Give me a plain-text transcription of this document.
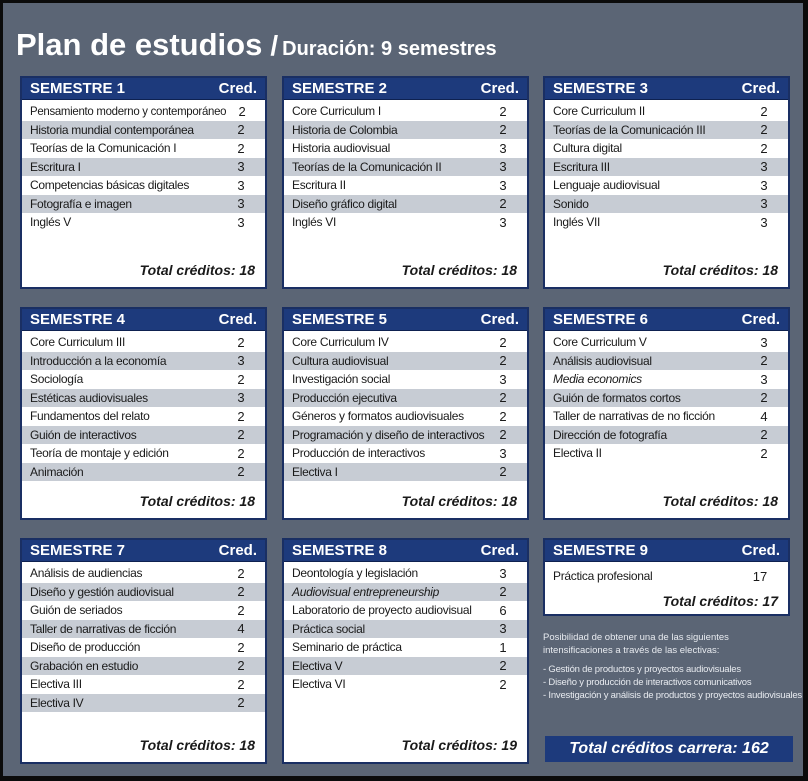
Plan de estudios / Duración: 9 semestres
SEMESTRE 1	Cred.
Pensamiento moderno y contemporáneo 2
Historia mundial contemporánea	2
Teorías de la Comunicación I	2
Escritura I	3
Competencias básicas digitales	3
Fotografía e imagen	3
Inglés V	3
Total créditos: 18
SEMESTRE 2	Cred.
Core Curriculum I	2
Historia de Colombia	2
Historia audiovisual	3
Teorías de la Comunicación II	3
Escritura II	3
Diseño gráfico digital	2
Inglés VI	3
Total créditos: 18
SEMESTRE 3	Cred.
Core Curriculum II	2
Teorías de la Comunicación III	2
Cultura digital	2
Escritura III	3
Lenguaje audiovisual	3
Sonido	3
Inglés VII	3
Total créditos: 18
SEMESTRE 4	Cred.
Core Curriculum III	2
Introducción a la economía	3
Sociología	2
Estéticas audiovisuales	3
Fundamentos del relato	2
Guión de interactivos	2
Teoría de montaje y edición	2
Animación	2
Total créditos: 18
SEMESTRE 5	Cred.
Core Curriculum IV	2
Cultura audiovisual	2
Investigación social	3
Producción ejecutiva	2
Géneros y formatos audiovisuales	2
Programación y diseño de interactivos 2
Producción de interactivos	3
Electiva I	2
Total créditos: 18
SEMESTRE 6	Cred.
Core Curriculum V	3
Análisis audiovisual	2
Media economics	3
Guión de formatos cortos	2
Taller de narrativas de no ficción	4
Dirección de fotografía	2
Electiva II	2
Total créditos: 18
SEMESTRE 7	Cred.
Análisis de audiencias	2
Diseño y gestión audiovisual	2
Guión de seriados	2
Taller de narrativas de ficción	4
Diseño de producción	2
Grabación en estudio	2
Electiva III	2
Electiva IV	2
Total créditos: 18
SEMESTRE 8	Cred.
Deontología y legislación	3
Audiovisual entrepreneurship	2
Laboratorio de proyecto audiovisual 6
Práctica social	3
Seminario de práctica	1
Electiva V	2
Electiva VI	2
Total créditos: 19
SEMESTRE 9	Cred.
Práctica profesional	17
Total créditos: 17

Posibilidad de obtener una de las siguientes intensificaciones a través de las electivas:

- Gestión de productos y proyectos audiovisuales
- Diseño y producción de interactivos comunicativos
- Investigación y análisis de productos y proyectos audiovisuales
Total créditos carrera: 162
